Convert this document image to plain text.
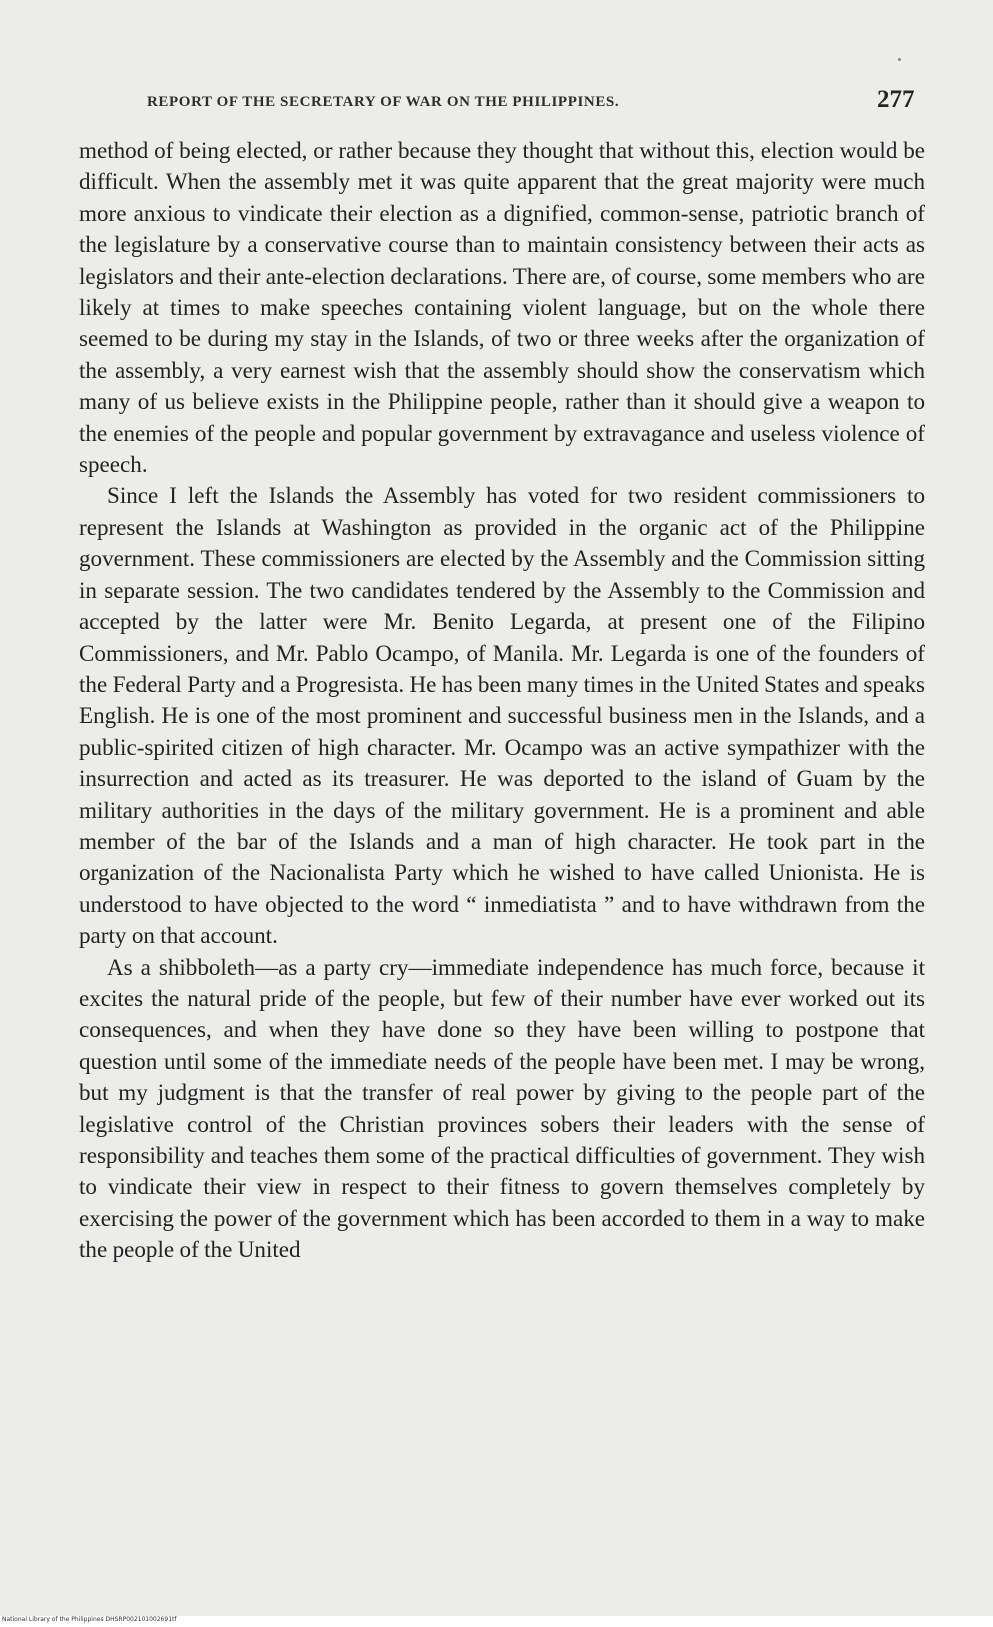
REPORT OF THE SECRETARY OF WAR ON THE PHILIPPINES.	277

method of being elected, or rather because they thought that without this, election would be difficult. When the assembly met it was quite apparent that the great majority were much more anxious to vindicate their election as a dignified, common-sense, patriotic branch of the legislature by a conservative course than to maintain consistency between their acts as legislators and their ante-election declarations. There are, of course, some members who are likely at times to make speeches containing violent language, but on the whole there seemed to be during my stay in the Islands, of two or three weeks after the organization of the assembly, a very earnest wish that the assembly should show the conservatism which many of us believe exists in the Philippine people, rather than it should give a weapon to the enemies of the people and popular government by extravagance and useless violence of speech.

Since I left the Islands the Assembly has voted for two resident commissioners to represent the Islands at Washington as provided in the organic act of the Philippine government. These commissioners are elected by the Assembly and the Commission sitting in separate session. The two candidates tendered by the Assembly to the Commission and accepted by the latter were Mr. Benito Legarda, at present one of the Filipino Commissioners, and Mr. Pablo Ocampo, of Manila. Mr. Legarda is one of the founders of the Federal Party and a Progresista. He has been many times in the United States and speaks English. He is one of the most prominent and successful business men in the Islands, and a public-spirited citizen of high character. Mr. Ocampo was an active sympathizer with the insurrection and acted as its treasurer. He was deported to the island of Guam by the military authorities in the days of the military government. He is a prominent and able member of the bar of the Islands and a man of high character. He took part in the organization of the Nacionalista Party which he wished to have called Unionista. He is understood to have objected to the word “ inmediatista ” and to have withdrawn from the party on that account.

As a shibboleth—as a party cry—immediate independence has much force, because it excites the natural pride of the people, but few of their number have ever worked out its consequences, and when they have done so they have been willing to postpone that question until some of the immediate needs of the people have been met. I may be wrong, but my judgment is that the transfer of real power by giving to the people part of the legislative control of the Christian provinces sobers their leaders with the sense of responsibility and teaches them some of the practical difficulties of government. They wish to vindicate their view in respect to their fitness to govern themselves completely by exercising the power of the government which has been accorded to them in a way to make the people of the United

National Library of the Philippines DHSRP002101002691tf
